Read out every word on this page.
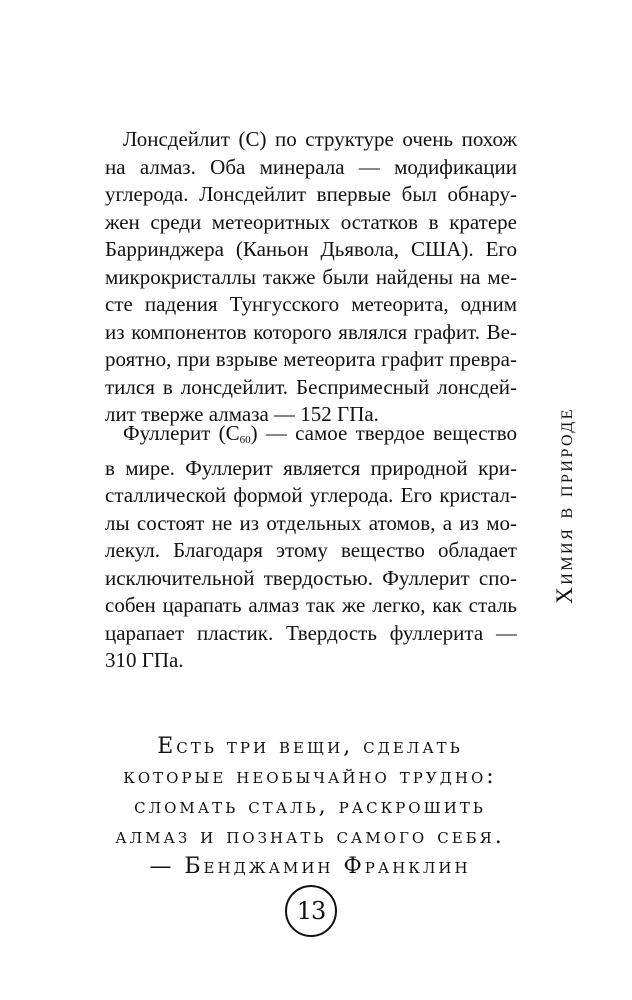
Лонсдейлит (С) по структуре очень похож
на алмаз. Оба минерала — модификации
углерода. Лонсдейлит впервые был обнару-
жен среди метеоритных остатков в кратере
Барринджера (Каньон Дьявола, США). Его
микрокристаллы также были найдены на ме-
сте падения Тунгусского метеорита, одним
из компонентов которого являлся графит. Ве-
роятно, при взрыве метеорита графит превра-
тился в лонсдейлит. Беспримесный лонсдей-
лит тверже алмаза — 152 ГПа.
Фуллерит $(С_{60})$ — самое твердое вещество
в мире. Фуллерит является природной кри-
сталлической формой углерода. Его кристал-
лы состоят не из отдельных атомов, а из мо-
лекул. Благодаря этому вещество обладает
исключительной твердостью. Фуллерит спо-
собен царапать алмаз так же легко, как сталь
царапает пластик. Твердость фуллерита —
310 ГПа.
Химия в природе
Есть три вещи, сделать
которые необычайно трудно:
сломать сталь, раскрошить
алмаз и познать самого себя.
— Бенджамин Франклин
13
